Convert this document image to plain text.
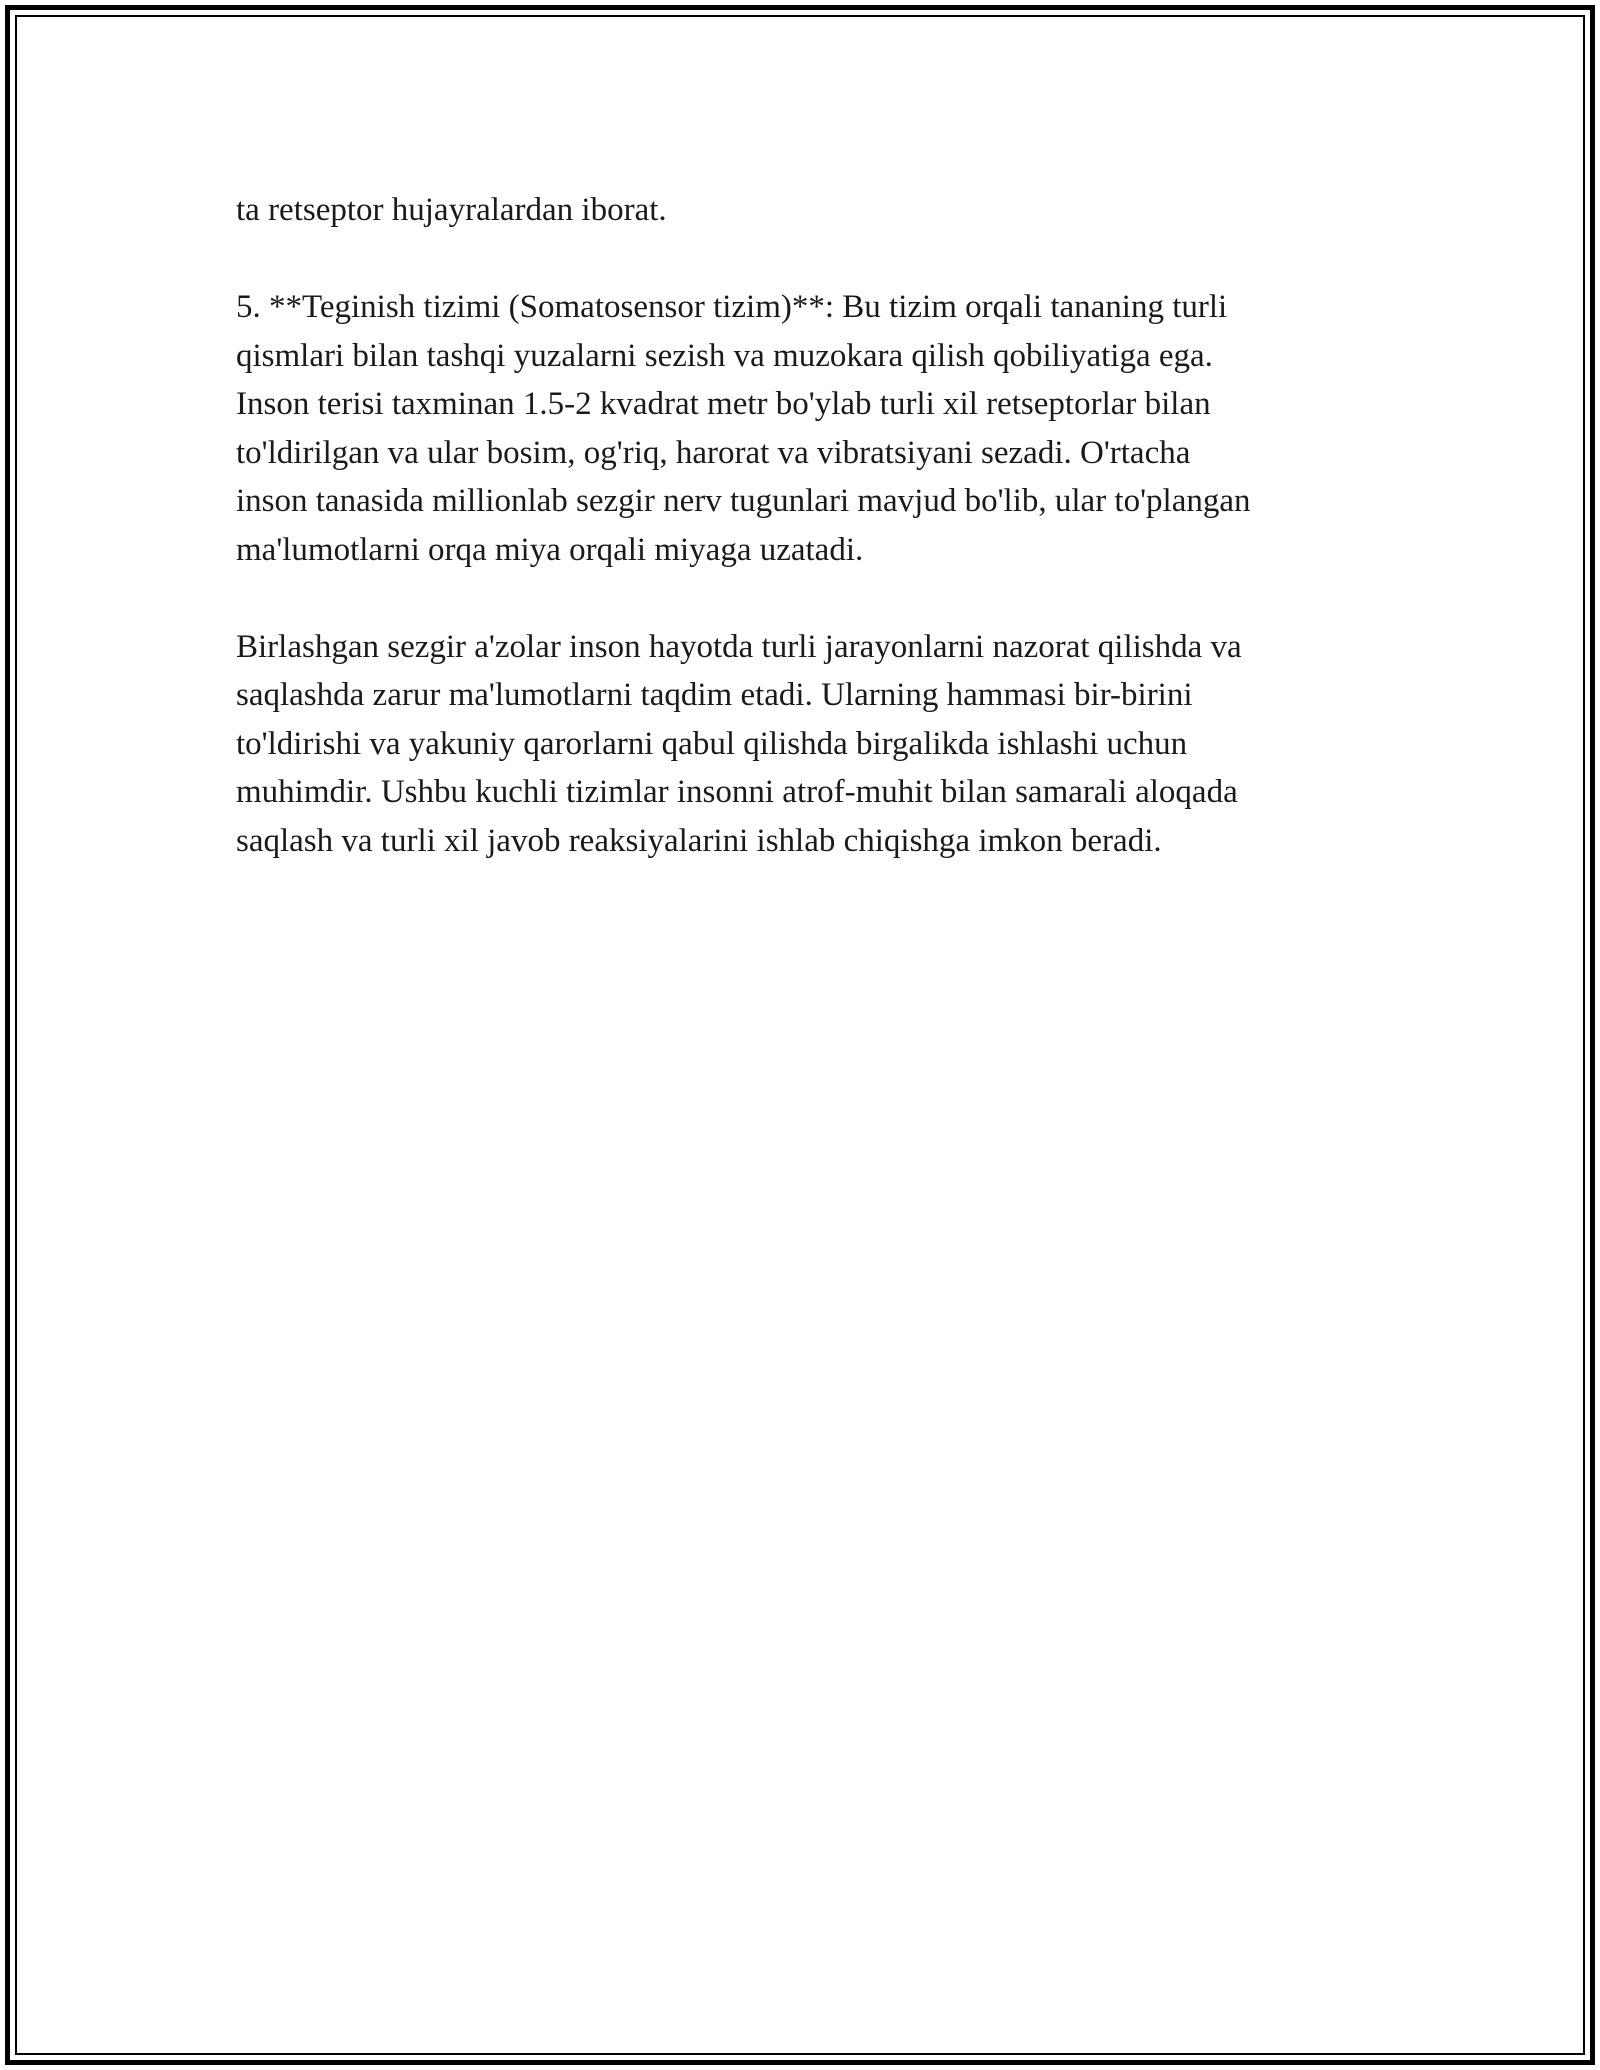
ta retseptor hujayralardan iborat.

5. **Teginish tizimi (Somatosensor tizim)**: Bu tizim orqali tananing turli
qismlari bilan tashqi yuzalarni sezish va muzokara qilish qobiliyatiga ega.
Inson terisi taxminan 1.5-2 kvadrat metr bo'ylab turli xil retseptorlar bilan
to'ldirilgan va ular bosim, og'riq, harorat va vibratsiyani sezadi. O'rtacha
inson tanasida millionlab sezgir nerv tugunlari mavjud bo'lib, ular to'plangan
ma'lumotlarni orqa miya orqali miyaga uzatadi.

Birlashgan sezgir a'zolar inson hayotda turli jarayonlarni nazorat qilishda va
saqlashda zarur ma'lumotlarni taqdim etadi. Ularning hammasi bir-birini
to'ldirishi va yakuniy qarorlarni qabul qilishda birgalikda ishlashi uchun
muhimdir. Ushbu kuchli tizimlar insonni atrof-muhit bilan samarali aloqada
saqlash va turli xil javob reaksiyalarini ishlab chiqishga imkon beradi.
